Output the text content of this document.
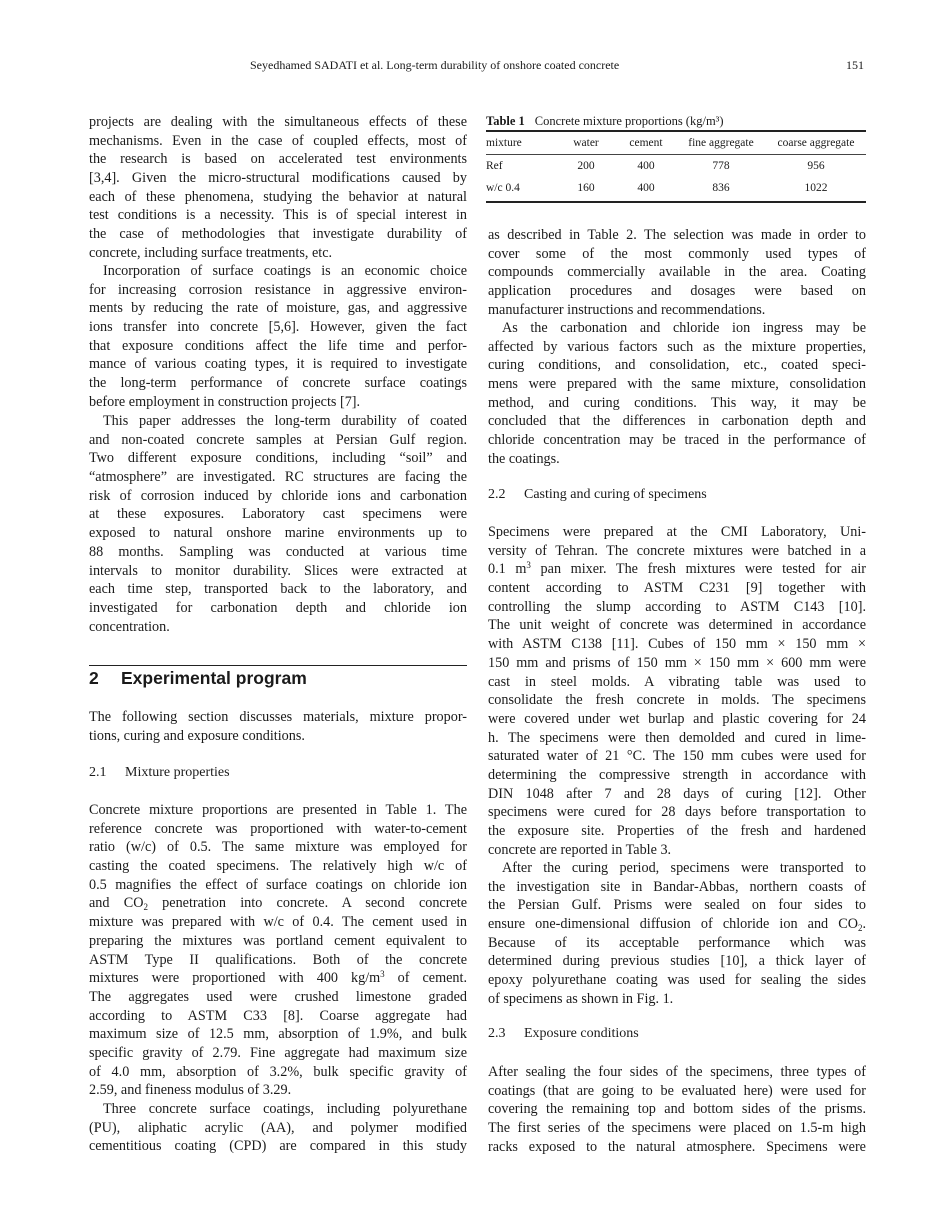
Seyedhamed SADATI et al. Long-term durability of onshore coated concrete	151
projects are dealing with the simultaneous effects of these
mechanisms. Even in the case of coupled effects, most of
the research is based on accelerated test environments
[3,4]. Given the micro-structural modifications caused by
each of these phenomena, studying the behavior at natural
test conditions is a necessity. This is of special interest in
the case of methodologies that investigate durability of
concrete, including surface treatments, etc.
Incorporation of surface coatings is an economic choice
for increasing corrosion resistance in aggressive environ-
ments by reducing the rate of moisture, gas, and aggressive
ions transfer into concrete [5,6]. However, given the fact
that exposure conditions affect the life time and perfor-
mance of various coating types, it is required to investigate
the long-term performance of concrete surface coatings
before employment in construction projects [7].
This paper addresses the long-term durability of coated
and non-coated concrete samples at Persian Gulf region.
Two different exposure conditions, including “soil” and
“atmosphere” are investigated. RC structures are facing the
risk of corrosion induced by chloride ions and carbonation
at these exposures. Laboratory cast specimens were
exposed to natural onshore marine environments up to
88 months. Sampling was conducted at various time
intervals to monitor durability. Slices were extracted at
each time step, transported back to the laboratory, and
investigated for carbonation depth and chloride ion
concentration.
2 Experimental program
The following section discusses materials, mixture propor-
tions, curing and exposure conditions.
2.1 Mixture properties
Concrete mixture proportions are presented in Table 1. The
reference concrete was proportioned with water-to-cement
ratio (w/c) of 0.5. The same mixture was employed for
casting the coated specimens. The relatively high w/c of
0.5 magnifies the effect of surface coatings on chloride ion
and $CO_2$ penetration into concrete. A second concrete
mixture was prepared with w/c of 0.4. The cement used in
preparing the mixtures was portland cement equivalent to
ASTM Type II qualifications. Both of the concrete
mixtures were proportioned with 400 $kg/m^3$ of cement.
The aggregates used were crushed limestone graded
according to ASTM C33 [8]. Coarse aggregate had
maximum size of 12.5 mm, absorption of 1.9%, and bulk
specific gravity of 2.79. Fine aggregate had maximum size
of 4.0 mm, absorption of 3.2%, bulk specific gravity of
2.59, and fineness modulus of 3.29.
Three concrete surface coatings, including polyurethane
(PU), aliphatic acrylic (AA), and polymer modified
cementitious coating (CPD) are compared in this study
Table 1 Concrete mixture proportions (kg/m³)
mixture	water	cement	fine aggregate	coarse aggregate
Ref	200	400	778	956
w/c 0.4	160	400	836	1022
as described in Table 2. The selection was made in order to
cover some of the most commonly used types of
compounds commercially available in the area. Coating
application procedures and dosages were based on
manufacturer instructions and recommendations.
As the carbonation and chloride ion ingress may be
affected by various factors such as the mixture properties,
curing conditions, and consolidation, etc., coated speci-
mens were prepared with the same mixture, consolidation
method, and curing conditions. This way, it may be
concluded that the differences in carbonation depth and
chloride concentration may be traced in the performance of
the coatings.
2.2 Casting and curing of specimens
Specimens were prepared at the CMI Laboratory, Uni-
versity of Tehran. The concrete mixtures were batched in a
0.1 $m^3$ pan mixer. The fresh mixtures were tested for air
content according to ASTM C231 [9] together with
controlling the slump according to ASTM C143 [10].
The unit weight of concrete was determined in accordance
with ASTM C138 [11]. Cubes of 150 mm × 150 mm ×
150 mm and prisms of 150 mm × 150 mm × 600 mm were
cast in steel molds. A vibrating table was used to
consolidate the fresh concrete in molds. The specimens
were covered under wet burlap and plastic covering for 24
h. The specimens were then demolded and cured in lime-
saturated water of 21 °C. The 150 mm cubes were used for
determining the compressive strength in accordance with
DIN 1048 after 7 and 28 days of curing [12]. Other
specimens were cured for 28 days before transportation to
the exposure site. Properties of the fresh and hardened
concrete are reported in Table 3.
After the curing period, specimens were transported to
the investigation site in Bandar-Abbas, northern coasts of
the Persian Gulf. Prisms were sealed on four sides to
ensure one-dimensional diffusion of chloride ion and $CO_2$.
Because of its acceptable performance which was
determined during previous studies [10], a thick layer of
epoxy polyurethane coating was used for sealing the sides
of specimens as shown in Fig. 1.
2.3 Exposure conditions
After sealing the four sides of the specimens, three types of
coatings (that are going to be evaluated here) were used for
covering the remaining top and bottom sides of the prisms.
The first series of the specimens were placed on 1.5-m high
racks exposed to the natural atmosphere. Specimens were
